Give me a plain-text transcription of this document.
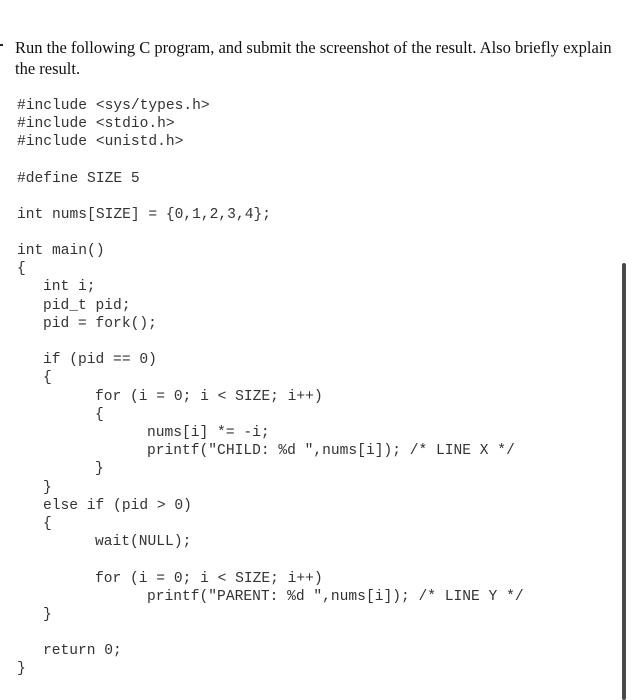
Run the following C program, and submit the screenshot of the result. Also briefly explain the result.

#include <sys/types.h>
#include <stdio.h>
#include <unistd.h>
#define SIZE 5
int nums[SIZE] = {0,1,2,3,4};
int main()
{
int i;
pid_t pid;
pid = fork();
if (pid == 0)
{
for (i = 0; i < SIZE; i++)
{
nums[i] *= -i;
printf("CHILD: %d ",nums[i]); /* LINE X */
}
}
else if (pid > 0)
{
wait(NULL);
for (i = 0; i < SIZE; i++)
printf("PARENT: %d ",nums[i]); /* LINE Y */
}
return 0;
}
